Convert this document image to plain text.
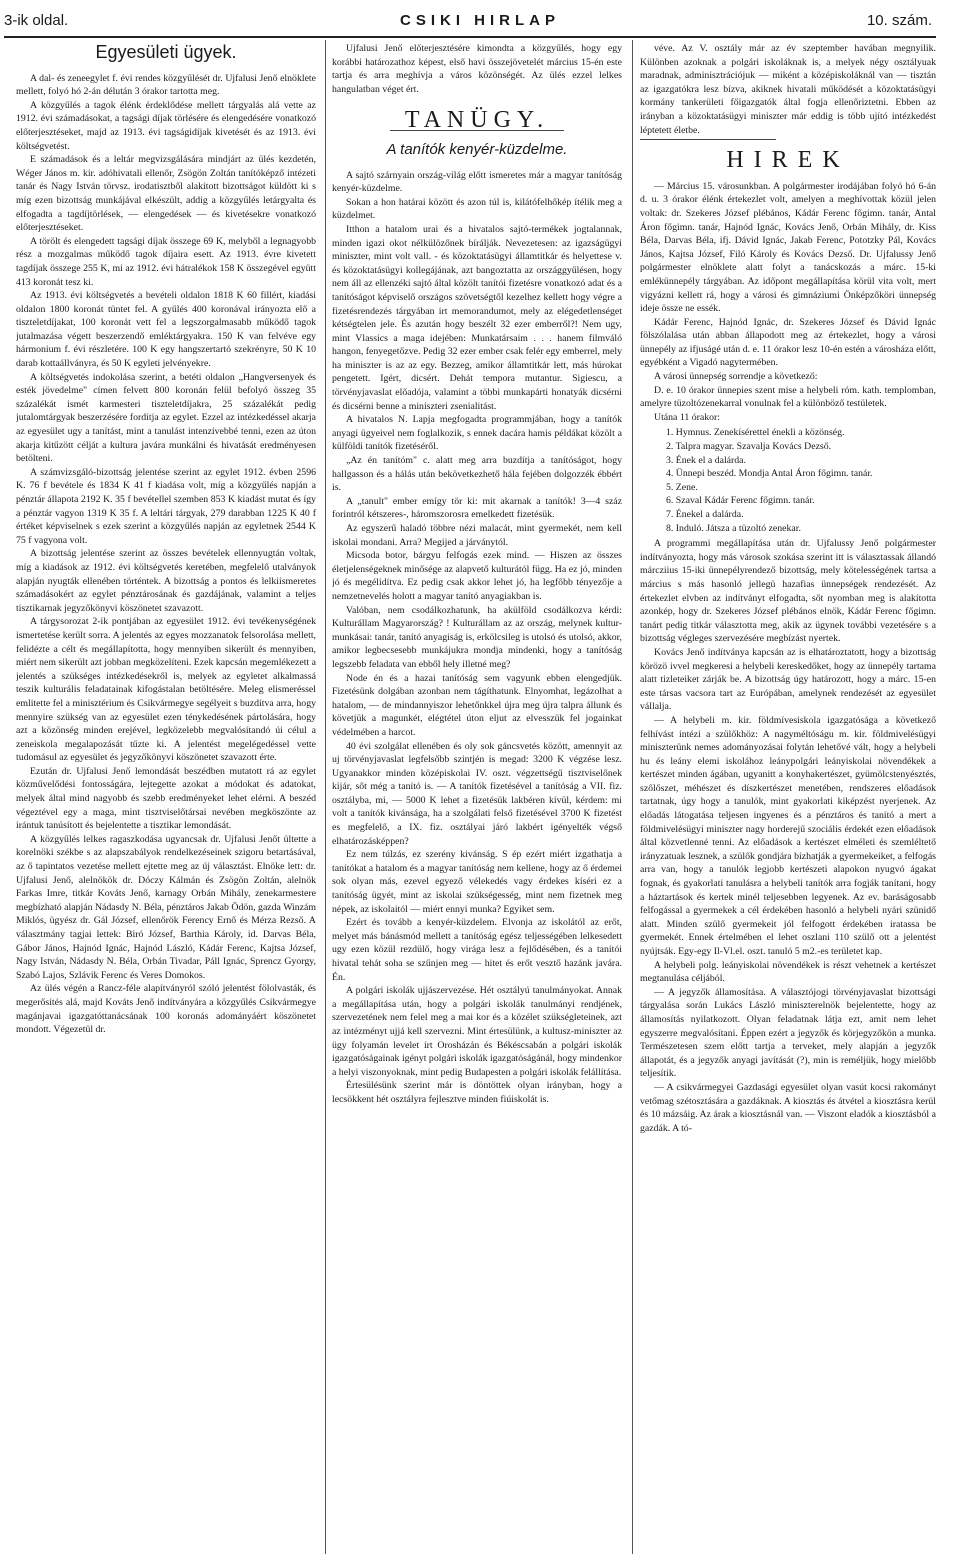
3-ik oldal.	CSIKI HIRLAP	10. szám.
Egyesületi ügyek.

A dal- és zeneegylet f. évi rendes közgyűlését dr. Ujfalusi Jenő elnöklete mellett, folyó hó 2-án délután 3 órakor tartotta meg.

A közgyűlés a tagok élénk érdeklődése mellett tárgyalás alá vette az 1912. évi számadásokat, a tagsági díjak törlésére és elengedésére vonatkozó előterjesztéseket, majd az 1913. évi tagságidíjak kivetését és az 1913. évi költségvetést.

E számadások és a leltár megvizsgálására mindjárt az ülés kezdetén, Wéger János m. kir. adóhivatali ellenőr, Zsögön Zoltán tanítóképző intézeti tanár és Nagy István törvsz. irodatisztből alakított bizottságot küldött ki s míg ezen bizottság munkájával elkészült, addig a közgyűlés letárgyalta és elfogadta a tagdíjtörlések, — elengedések — és kivetésekre vonatkozó előterjesztéseket.

A törölt és elengedett tagsági díjak összege 69 K, melyből a legnagyobb rész a mozgalmas működő tagok díjaira esett. Az 1913. évre kivetett tagdíjak összege 255 K, mi az 1912. évi hátralékok 158 K összegével együtt 413 koronát tesz ki.

Az 1913. évi költségvetés a bevételi oldalon 1818 K 60 fillért, kiadási oldalon 1800 koronát tüntet fel. A gyűlés 400 koronával irányozta elő a tiszteletdíjakat, 100 koronát vett fel a legszorgalmasabb működő tagok jutalmazása végett beszerzendő emléktárgyakra. 150 K van felvéve egy hármonium f. évi részletére. 100 K egy hangszertartó szekrényre, 50 K 10 darab kottaállványra, és 50 K egyleti jelvényekre.

A költségvetés indokolása szerint, a betéti oldalon „Hangversenyek és esték jövedelme" címen felvett 800 koronán felül befolyó összeg 35 százalékát ismét karmesteri tiszteletdíjakra, 25 százalékát pedig jutalomtárgyak beszerzésére fordítja az egylet. Ezzel az intézkedéssel akarja az egyesület ugy a tanítást, mint a tanulást intenzívebbé tenni, ezen az úton akarja kitűzött célját a kultura javára munkálni és hivatását eredményesen betölteni.

A számvizsgáló-bizottság jelentése szerint az egylet 1912. évben 2596 K. 76 f bevétele és 1834 K 41 f kiadása volt, míg a közgyűlés napján a pénztár állapota 2192 K. 35 f bevétellel szemben 853 K kiadást mutat és így a pénztár vagyon 1319 K 35 f. A leltári tárgyak, 279 darabban 1225 K 40 f értéket képviselnek s ezek szerint a közgyűlés napján az egyletnek 2544 K 75 f vagyona volt.

A bizottság jelentése szerint az összes bevételek ellennyugtán voltak, míg a kiadások az 1912. évi költségvetés keretében, megfelelő utalványok alapján nyugták ellenében történtek. A bizottság a pontos és lelkiismeretes számadásokért az egylet pénztárosának és gazdájának, valamint a teljes tisztikarnak jegyzőkönyvi köszönetet szavazott.

A tárgysorozat 2-ik pontjában az egyesület 1912. évi tevékenységének ismertetése került sorra. A jelentés az egyes mozzanatok felsorolása mellett, felidézte a célt és megállapította, hogy mennyiben sikerült és mennyiben, miért nem sikerült azt jobban megközelíteni. Ezek kapcsán megemlékezett a jelentés a szükséges intézkedésekről is, melyek az egyletet alkalmassá teszik kulturális feladatainak kifogástalan betöltésére. Meleg elismeréssel emlitette fel a minisztérium és Csikvármegye segélyeit s buzdítva arra, hogy mennyire szükség van az egyesület ezen ténykedésének pártolására, hogy azt a közönség minden erejével, legközelebb megvalósítandó úi célul a zeneiskola megalapozását tűzte ki. A jelentést megelégedéssel vette tudomásul az egyesület és jegyzőkönyvi köszönetet szavazott érte.

Ezután dr. Ujfalusi Jenő lemondását beszédben mutatott rá az egylet közművelődési fontosságára, lejtegette azokat a módokat és adatokat, melyek által mind nagyobb és szebb eredményeket lehet elérni. A beszéd végeztével egy a maga, mint tisztviselőtársai nevében megköszönte az irántuk tanúsított és bejelentette a tisztikar lemondását.

A közgyűlés lelkes ragaszkodása ugyancsak dr. Ujfalusi Jenőt ültette a korelnöki székbe s az alapszabályok rendelkezéseinek szigoru betartásával, az ő tapintatos vezetése mellett ejtette meg az új választást. Elnöke lett: dr. Ujfalusi Jenő, alelnökök dr. Dóczy Kálmán és Zsögön Zoltán, alelnök Farkas Imre, titkár Kováts Jenő, karnagy Orbán Mihály, zenekarmestere megbízható alapján Nádasdy N. Béla, pénztáros Jakab Ödön, gazda Winzám Miklós, ügyész dr. Gál József, ellenőrök Ferency Ernő és Mérza Rezső. A választmány tagjai lettek: Biró József, Barthia Károly, id. Darvas Béla, Gábor János, Hajnód Ignác, Hajnód László, Kádár Ferenc, Kajtsa József, Nagy István, Nádasdy N. Béla, Orbán Tivadar, Páll Ignác, Sprencz Gyorgy, Szabó Lajos, Szlávik Ferenc és Veres Domokos.

Az ülés végén a Rancz-féle alapítványról szóló jelentést fölolvasták, és megerősítés alá, majd Kováts Jenő indítványára a közgyűlés Csikvármegye magánjavai igazgatóttanácsának 100 koronás adományáért köszönetet mondott. Végezetül dr.

Ujfalusi Jenő előterjesztésére kimondta a közgyűlés, hogy egy korábbi határozathoz képest, első havi összejövetelét március 15-én este tartja és arra meghívja a város közönségét. Az ülés ezzel lelkes hangulatban véget ért.

TANÜGY.
A tanítók kenyér-küzdelme.

A sajtó szárnyain ország-világ előtt ismeretes már a magyar tanítóság kenyér-küzdelme.

Sokan a hon határai között és azon túl is, kilátófelhőkép ítélik meg a küzdelmet.

Itthon a hatalom urai és a hivatalos sajtó-termékek jogtalannak, minden igazi okot nélkülözőnek bírálják. Nevezetesen: az igazságügyi miniszter, mint volt vall. - és közoktatásügyi államtitkár és helyettese v. és közoktatásügyi kollegájának, azt bangoztatta az országgyűlésen, hogy nem áll az ellenzéki sajtó által közölt tanítói fizetésre vonatkozó adat és a tanítóságot képviselő országos szövetségtől kezelhez kellett hogy végre a fizetésrendezés tárgyában irt memorandumot, mely az elégedetlenséget kétségtelen jele. És azután hogy beszélt 32 ezer emberről?! Nem ugy, mint Vlassics a maga idejében: Munkatársaim . . . hanem filmváló hangon, fenyegetőzve. Pedig 32 ezer ember csak felér egy emberrel, mely ha miniszter is az az egy. Bezzeg, amikor államtitkár lett, más húrokat pengetett. Igért, dicsért. Dehát tempora mutantur. Sigiescu, a törvényjavaslat előadója, valamint a többi munkapárti honatyák dicsérni és dicsérni benne a miniszteri zsenialitást.

A hivatalos N. Lapja megfogadta programmjában, hogy a tanítók anyagi ügyeivel nem foglalkozik, s ennek dacára hamis példákat közölt a külföldi tanítók fizetéséről.

„Az én tanítóm" c. alatt meg arra buzdítja a tanítóságot, hogy hallgasson és a hálás után bekövetkezhető hála fejében dolgozzék ébbért is.

A „tanult" ember emígy tör ki: mit akarnak a tanítók! 3—4 száz forintról kétszeres-, háromszorosra emelkedett fizetésük.

Az egyszerű haladó többre nézi malacát, mint gyermekét, nem kell iskolai mondani. Arra? Megijed a járványtól.

Micsoda botor, bárgyu felfogás ezek mind. — Hiszen az összes életjelenségeknek minősége az alapvető kulturától függ. Ha ez jó, minden jó és megélidítva. Ez pedig csak akkor lehet jó, ha legfőbb tényezője a nemzetnevelés holott a magyar tanító anyagiakban is.

Valóban, nem csodálkozhatunk, ha akülföld csodálkozva kérdi: Kulturállam Magyarország? ! Kulturállam az az ország, melynek kultur-munkásai: tanár, tanító anyagiság is, erkölcsileg is utolsó és utolsó, akkor, amikor legbecsesebb munkájukra mondja mindenki, hogy a tanítóság legszebb feladata van ebből hely illetné meg?

Node én és a hazai tanítóság sem vagyunk ebben elengedjük. Fizetésünk dolgában azonban nem tágíthatunk. Elnyomhat, legázolhat a hatalom, — de mindannyiszor lehetőnkkel újra meg újra talpra állunk és követjük a magunkét, elégtétel úton eljut az elvesszük fel jogainkat védelmében a harcot.

40 évi szolgálat ellenében és oly sok gáncsvetés között, amennyit az uj törvényjavaslat legfelsőbb szintjén is megad: 3200 K végzése lesz. Ugyanakkor minden középiskolai IV. oszt. végzettségű tisztviselőnek kijár, sőt még a tanító is. — A tanítók fizetésével a tanítóság a VII. fiz. osztályba, mi, — 5000 K lehet a fizetésük lakbéren kívül, kérdem: mi volt a tanítók kivánsága, ha a szolgálati felső fizetésével 3700 K fizetést es megfelelő, a IX. fiz. osztályai járó lakbért igényelték végső elhatározásképpen?

Ez nem túlzás, ez szerény kivánság. S ép ezért miért izgathatja a tanítókat a hatalom és a magyar tanítóság nem kellene, hogy az ő érdemei sok olyan más, ezevel egyező vélekedés vagy érdekes kíséri ez a tanítóság ügyét, mint az iskolai szükségesség, mint nem fizetnek meg népek, az iskolaitól — miért ennyi munka? Egyiket sem.

Ezért és tovább a kenyér-küzdelem. Elvonja az iskolától az erőt, melyet más bánásmód mellett a tanítóság egész teljességében lelkesedett ugy ezen közül rezdülő, hogy virága lesz a fejlődésében, és a tanítói hivatal tehát soha se szűnjen meg — hitet és erőt vesztő hazánk javára. Én.

A polgári iskolák ujjászervezése. Hét osztályú tanulmányokat. Annak a megállapítása után, hogy a polgári iskolák tanulmányi rendjének, szervezetének nem felel meg a mai kor és a közélet szükségleteinek, azt az intézményt ujjá kell szervezni. Mint értesülünk, a kultusz-miniszter az ügy folyamán levelet írt Orosházán és Békéscsabán a polgári iskolák igazgatóságainak igényt polgári iskolák igazgatóságánál, hogy mindenkor a helyi viszonyoknak, mint pedig Budapesten a polgári iskolák felállítása.

Értesülésünk szerint már is döntöttek olyan irányban, hogy a lecsökkent hét osztályra fejlesztve minden fiúiskolát is.

véve. Az V. osztály már az év szeptember havában megnyilik. Különben azoknak a polgári iskoláknak is, a melyek négy osztályuak maradnak, adminisztrációjuk — miként a középiskoláknál van — tisztán az igazgatókra lesz bízva, akiknek hivatali működését a közoktatásügyi kormány tankerületi főigazgatók által fogja ellenőriztetni. Ebben az irányban a közoktatásügyi miniszter már eddig is több ujító intézkedést léptetett életbe.

HIREK

— Március 15. városunkban. A polgármester irodájában folyó hó 6-án d. u. 3 órakor élénk értekezlet volt, amelyen a meghívottak közül jelen voltak: dr. Szekeres József plébános, Kádár Ferenc főgimn. tanár, Antal Áron főgimn. tanár, Hajnód Ignác, Kovács Jenő, Orbán Mihály, dr. Kiss Béla, Darvas Béla, ifj. Dávid Ignác, Jakab Ferenc, Pototzky Pál, Kovács János, Kajtsa József, Filó Károly és Kovács Dezső. Dr. Ujfalussy Jenő polgármester elnöklete alatt folyt a tanácskozás a márc. 15-ki emlékünnepély tárgyában. Az időpont megállapítása körül vita volt, mert vigyázni kellett rá, hogy a városi és gimnáziumi Önképzőköri ünnepség ideje össze ne essék.

Kádár Ferenc, Hajnód Ignác, dr. Szekeres József és Dávid Ignác fölszólalása után abban állapodott meg az értekezlet, hogy a városi ünnepély az ifjuságé után d. e. 11 órakor lesz 10-én estén a városháza előtt, egyébként a Vigadó nagytermében.

A városi ünnepség sorrendje a következő:

D. e. 10 órakor ünnepies szent mise a helybeli róm. kath. templomban, amelyre tüzoltózenekarral vonulnak fel a különböző testületek.

Utána 11 órakor:

1. Hymnus. Zenekísérettel énekli a közönség.
2. Talpra magyar. Szavalja Kovács Dezső.
3. Ének el a dalárda.
4. Ünnepi beszéd. Mondja Antal Áron főgimn. tanár.
5. Zene.
6. Szaval Kádár Ferenc főgimn. tanár.
7. Énekel a dalárda.
8. Induló. Játsza a tüzoltó zenekar.

A programmi megállapítása után dr. Ujfalussy Jenő polgármester indítványozta, hogy más városok szokása szerint itt is választassak állandó márcziius 15-iki ünnepélyrendező bizottság, mely kötelességének tartsa a március s más hasonló jellegü hazafias ünnepségek rendezését. Az értekezlet elvben az indítványt elfogadta, sőt nyomban meg is alakította azonkép, hogy dr. Szekeres József plébános elnök, Kádár Ferenc főgimn. tanárt pedig titkár választotta meg, akik az ügynek további vezetésére s a bizottság végleges szervezésére megbízást nyertek.

Kovács Jenő indítványa kapcsán az is elhatároztatott, hogy a bizottság körözö ivvel megkeresi a helybeli kereskedőket, hogy az ünnepély tartama alatt tizleteiket zárják be. A bizottság úgy határozott, hogy a márc. 15-en este társas vacsora tart az Európában, amelynek rendezését az egyesület vállalja.

— A helybeli m. kir. földmívesiskola igazgatósága a következő felhívást intézi a szülőkhöz: A nagyméltóságu m. kir. földmivelésügyi miniszterünk nemes adományozásai folytán lehetővé vált, hogy a helybeli hu és leány elemi iskolához leánypolgári leányiskolai növendékek a kertészet minden ágában, ugyanitt a konyhakertészet, gyümölcstenyésztés, szőlőszet, méhészet és díszkertészet menetében, rendszeres előadások tartatnak, úgy hogy a tanulók, mint gyakorlati kiképzést nyerjenek. Az előadás látogatása teljesen ingyenes és a pénztáros és tanító a mert a földmivelésügyi miniszter nagy horderejű szociális érdekét ezen előadások által közvetlenné tenni. Az előadások a kertészet elméleti és szemléltető irányzatuak lesznek, a szülők gondjára bízhatják a gyermekeiket, a felfogás arra van, hogy a tanulók legjobb kertészeti alapokon nyugvó ágakat fognak, és gyakorlati tanulásra a helybeli tanítók arra fogják tanítani, hogy a háztartások és kertek minél teljesebben legyenek. Az ev. baráságosabb felfogással a gyermekek a cél érdekében hasonló a helybeli nyári szünidő alatt. Minden szülő gyermekeit jól felfogott érdekében iratassa be gyermekét. Ennek értelmében el lehet oszlani 110 szülő ott a jelentést nyújtsák. Egy-egy Il-Vl.el. oszt. tanuló 5 m2.-es területet kap.

A helybeli polg. leányiskolai növendékek is részt vehetnek a kertészet megtanulása céljából.

— A jegyzők államosítása. A választójogi törvényjavaslat bizottsági tárgyalása során Lukács László miniszterelnök bejelentette, hogy az államosítás nyilatkozott. Olyan feladatnak látja ezt, amit nem lehet egyszerre megvalósítani. Éppen ezért a jegyzők és körjegyzőkön a munka. Természetesen szem előtt tartja a terveket, mely alapján a jegyzők állapotát, és a jegyzők anyagi javítását (?), min is reméljük, hogy mielőbb teljesítik.

— A csikvármegyei Gazdasági egyesület olyan vasút kocsi rakományt vetőmag szétosztására a gazdáknak. A kiosztás és átvétel a kiosztásra kerül és 10 mázsáig. Az árak a kiosztásnál van. — Viszont eladók a kiosztásból a gazdák. A tó-
